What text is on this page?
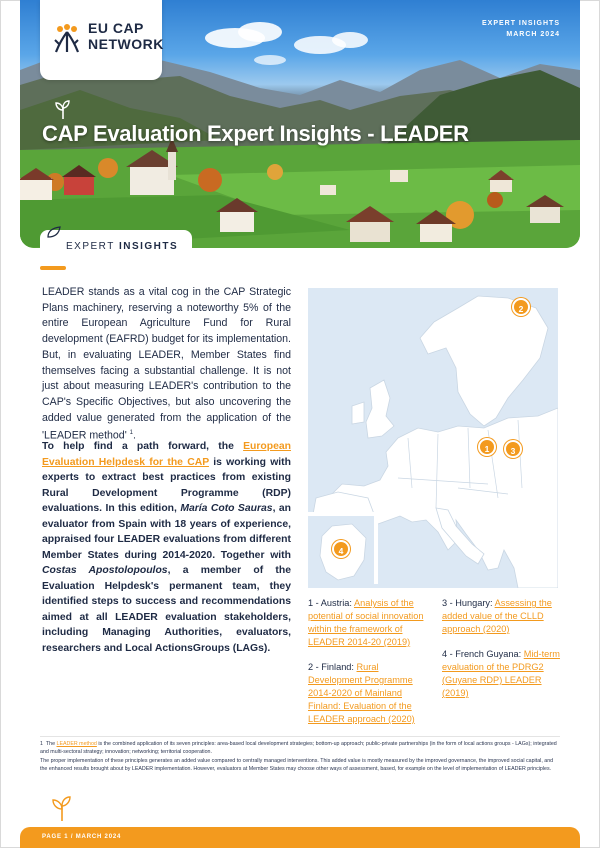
EU CAP
NETWORK
EXPERT INSIGHTS
MARCH 2024
CAP Evaluation Expert Insights - LEADER
EXPERT INSIGHTS

LEADER stands as a vital cog in the CAP Strategic Plans machinery, reserving a noteworthy 5% of the entire European Agriculture Fund for Rural development (EAFRD) budget for its implementation. But, in evaluating LEADER, Member States find themselves facing a substantial challenge. It is not just about measuring LEADER's contribution to the CAP's Specific Objectives, but also uncovering the added value generated from the application of the 'LEADER method' $^1$.

To help find a path forward, the European Evaluation Helpdesk for the CAP is working with experts to extract best practices from existing Rural Development Programme (RDP) evaluations. In this edition, María Coto Sauras, an evaluator from Spain with 18 years of experience, appraised four LEADER evaluations from different Member States during 2014-2020. Together with Costas Apostolopoulos, a member of the Evaluation Helpdesk's permanent team, they identified steps to success and recommendations aimed at all LEADER evaluation stakeholders, including Managing Authorities, evaluators, researchers and Local ActionsGroups (LAGs).

2
1	3
4
1 - Austria: Analysis of the potential of social innovation within the framework of LEADER 2014-20 (2019)
2 - Finland: Rural Development Programme 2014-2020 of Mainland Finland: Evaluation of the LEADER approach (2020)
3 - Hungary: Assessing the added value of the CLLD approach (2020)
4 - French Guyana: Mid-term evaluation of the PDRG2 (Guyane RDP) LEADER (2019)

1 The LEADER method is the combined application of its seven principles: area-based local development strategies; bottom-up approach; public-private partnerships (in the form of local actions groups - LAGs); integrated and multi-sectoral strategy; innovation; networking; territorial cooperation.

The proper implementation of these principles generates an added value compared to centrally managed interventions. This added value is mostly measured by the improved governance, the improved social capital, and the enhanced results brought about by LEADER implementation. However, evaluators at Member States may choose other ways of assessment, based, for example on the level of implementation of LEADER principles.

PAGE 1 / MARCH 2024
